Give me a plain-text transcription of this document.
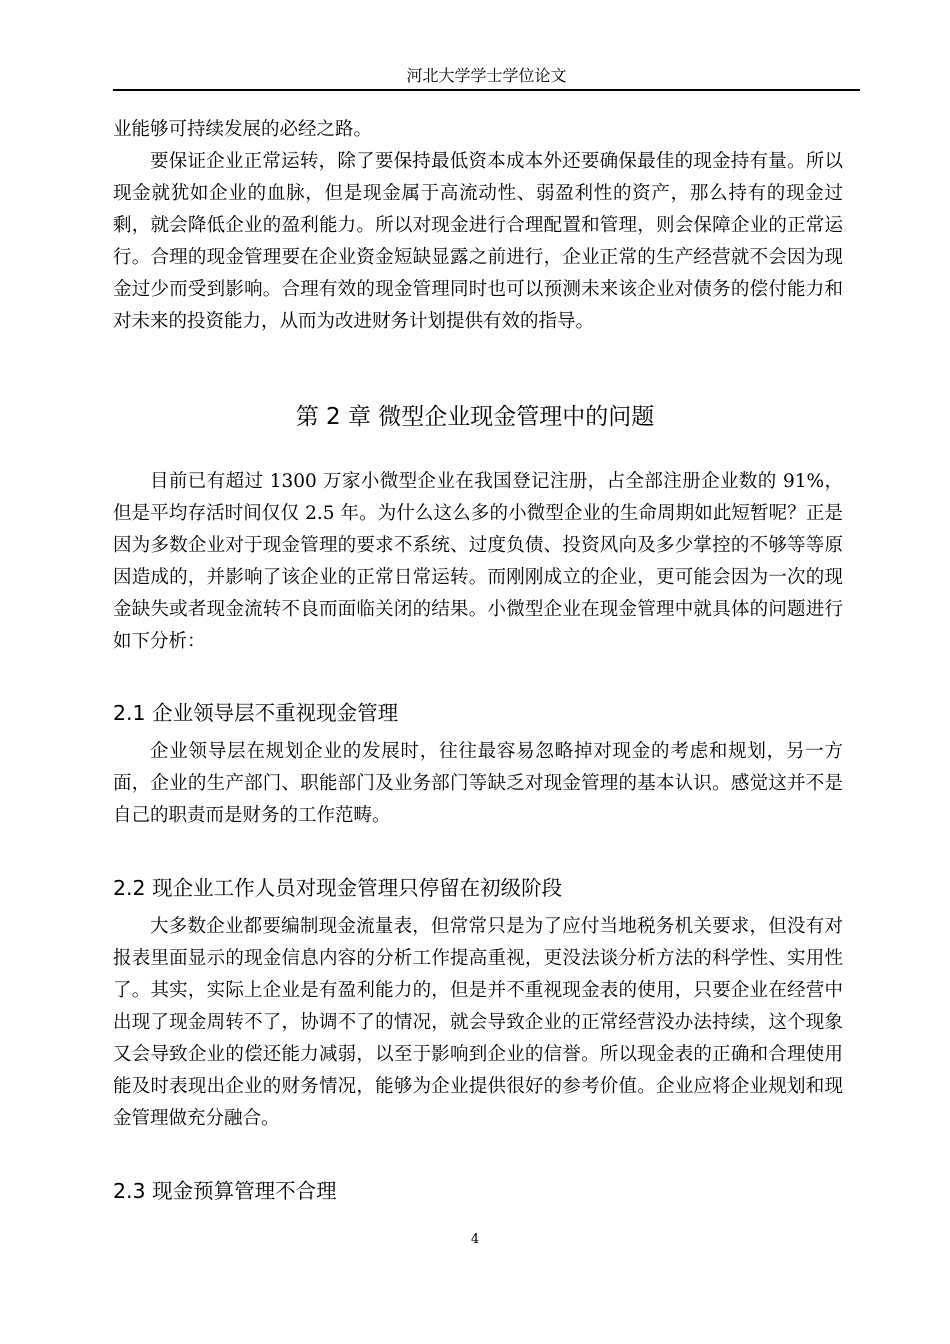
河北大学学士学位论文

业能够可持续发展的必经之路。

要保证企业正常运转，除了要保持最低资本成本外还要确保最佳的现金持有量。所以现金就犹如企业的血脉，但是现金属于高流动性、弱盈利性的资产，那么持有的现金过剩，就会降低企业的盈利能力。所以对现金进行合理配置和管理，则会保障企业的正常运行。合理的现金管理要在企业资金短缺显露之前进行，企业正常的生产经营就不会因为现金过少而受到影响。合理有效的现金管理同时也可以预测未来该企业对债务的偿付能力和对未来的投资能力，从而为改进财务计划提供有效的指导。

第 2 章 微型企业现金管理中的问题
目前已有超过 1300 万家小微型企业在我国登记注册，占全部注册企业数的 91%，但是平均存活时间仅仅 2.5 年。为什么这么多的小微型企业的生命周期如此短暂呢？正是因为多数企业对于现金管理的要求不系统、过度负债、投资风向及多少掌控的不够等等原因造成的，并影响了该企业的正常日常运转。而刚刚成立的企业，更可能会因为一次的现金缺失或者现金流转不良而面临关闭的结果。小微型企业在现金管理中就具体的问题进行如下分析：
2.1 企业领导层不重视现金管理
企业领导层在规划企业的发展时，往往最容易忽略掉对现金的考虑和规划，另一方面，企业的生产部门、职能部门及业务部门等缺乏对现金管理的基本认识。感觉这并不是自己的职责而是财务的工作范畴。
2.2 现企业工作人员对现金管理只停留在初级阶段
大多数企业都要编制现金流量表，但常常只是为了应付当地税务机关要求，但没有对报表里面显示的现金信息内容的分析工作提高重视，更没法谈分析方法的科学性、实用性了。其实，实际上企业是有盈利能力的，但是并不重视现金表的使用，只要企业在经营中出现了现金周转不了，协调不了的情况，就会导致企业的正常经营没办法持续，这个现象又会导致企业的偿还能力减弱，以至于影响到企业的信誉。所以现金表的正确和合理使用能及时表现出企业的财务情况，能够为企业提供很好的参考价值。企业应将企业规划和现金管理做充分融合。
2.3 现金预算管理不合理
4
